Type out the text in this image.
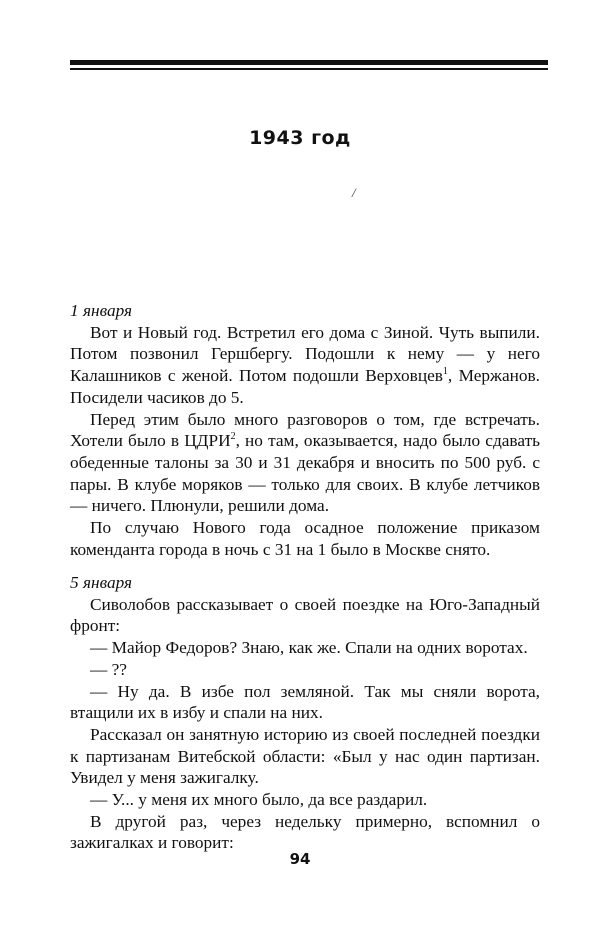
1943 год
/

1 января

Вот и Новый год. Встретил его дома с Зиной. Чуть выпили. Потом позвонил Гершбергу. Подошли к нему — у него Калашников с женой. Потом подошли Верховцев$^1$, Мержанов. Посидели часиков до 5.

Перед этим было много разговоров о том, где встречать. Хотели было в ЦДРИ$^2$, но там, оказывается, надо было сдавать обеденные талоны за 30 и 31 декабря и вносить по 500 руб. с пары. В клубе моряков — только для своих. В клубе летчиков — ничего. Плюнули, решили дома.

По случаю Нового года осадное положение приказом коменданта города в ночь с 31 на 1 было в Москве снято.

5 января

Сиволобов рассказывает о своей поездке на Юго-Западный фронт:

— Майор Федоров? Знаю, как же. Спали на одних воротах.

— ??

— Ну да. В избе пол земляной. Так мы сняли ворота, втащили их в избу и спали на них.

Рассказал он занятную историю из своей последней поездки к партизанам Витебской области: «Был у нас один партизан. Увидел у меня зажигалку.

— У... у меня их много было, да все раздарил.

В другой раз, через недельку примерно, вспомнил о зажигалках и говорит:

94
